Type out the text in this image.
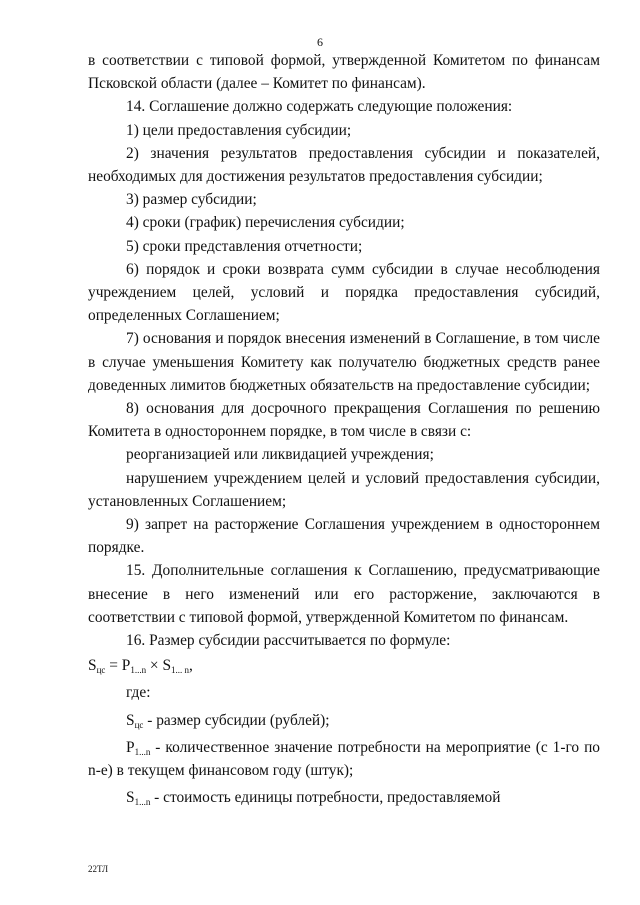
6

в соответствии с типовой формой, утвержденной Комитетом по финансам Псковской области (далее – Комитет по финансам).

14. Соглашение должно содержать следующие положения:

1) цели предоставления субсидии;

2) значения результатов предоставления субсидии и показателей, необходимых для достижения результатов предоставления субсидии;

3) размер субсидии;

4) сроки (график) перечисления субсидии;

5) сроки представления отчетности;

6) порядок и сроки возврата сумм субсидии в случае несоблюдения учреждением целей, условий и порядка предоставления субсидий, определенных Соглашением;

7) основания и порядок внесения изменений в Соглашение, в том числе в случае уменьшения Комитету как получателю бюджетных средств ранее доведенных лимитов бюджетных обязательств на предоставление субсидии;

8) основания для досрочного прекращения Соглашения по решению Комитета в одностороннем порядке, в том числе в связи с:

реорганизацией или ликвидацией учреждения;

нарушением учреждением целей и условий предоставления субсидии, установленных Соглашением;

9) запрет на расторжение Соглашения учреждением в одностороннем порядке.

15. Дополнительные соглашения к Соглашению, предусматривающие внесение в него изменений или его расторжение, заключаются в соответствии с типовой формой, утвержденной Комитетом по финансам.

16. Размер субсидии рассчитывается по формуле:

$S_{цс} = P_{1...n} \times S_{1... n}$,

где:

$S_{цс}$ - размер субсидии (рублей);

$P_{1...n}$ - количественное значение потребности на мероприятие (с 1-го по n-е) в текущем финансовом году (штук);

$S_{1...n}$ - стоимость единицы потребности, предоставляемой

22ТЛ
